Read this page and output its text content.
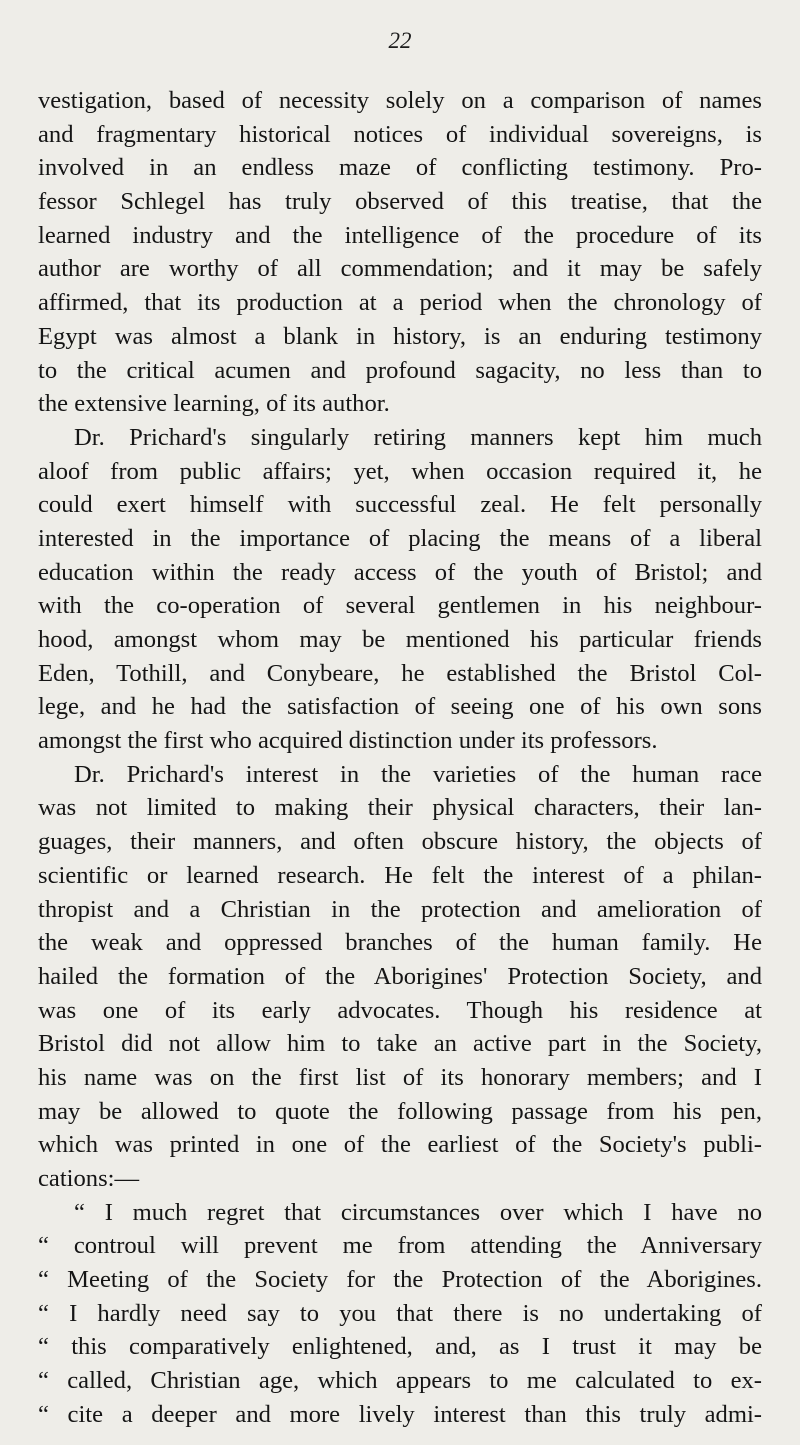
22
vestigation, based of necessity solely on a comparison of names
and fragmentary historical notices of individual sovereigns, is
involved in an endless maze of conflicting testimony. Pro-
fessor Schlegel has truly observed of this treatise, that the
learned industry and the intelligence of the procedure of its
author are worthy of all commendation; and it may be safely
affirmed, that its production at a period when the chronology of
Egypt was almost a blank in history, is an enduring testimony
to the critical acumen and profound sagacity, no less than to
the extensive learning, of its author.
Dr. Prichard's singularly retiring manners kept him much
aloof from public affairs; yet, when occasion required it, he
could exert himself with successful zeal. He felt personally
interested in the importance of placing the means of a liberal
education within the ready access of the youth of Bristol; and
with the co-operation of several gentlemen in his neighbour-
hood, amongst whom may be mentioned his particular friends
Eden, Tothill, and Conybeare, he established the Bristol Col-
lege, and he had the satisfaction of seeing one of his own sons
amongst the first who acquired distinction under its professors.
Dr. Prichard's interest in the varieties of the human race
was not limited to making their physical characters, their lan-
guages, their manners, and often obscure history, the objects of
scientific or learned research. He felt the interest of a philan-
thropist and a Christian in the protection and amelioration of
the weak and oppressed branches of the human family. He
hailed the formation of the Aborigines' Protection Society, and
was one of its early advocates. Though his residence at
Bristol did not allow him to take an active part in the Society,
his name was on the first list of its honorary members; and I
may be allowed to quote the following passage from his pen,
which was printed in one of the earliest of the Society's publi-
cations:—
“ I much regret that circumstances over which I have no
“ controul will prevent me from attending the Anniversary
“ Meeting of the Society for the Protection of the Aborigines.
“ I hardly need say to you that there is no undertaking of
“ this comparatively enlightened, and, as I trust it may be
“ called, Christian age, which appears to me calculated to ex-
“ cite a deeper and more lively interest than this truly admi-
